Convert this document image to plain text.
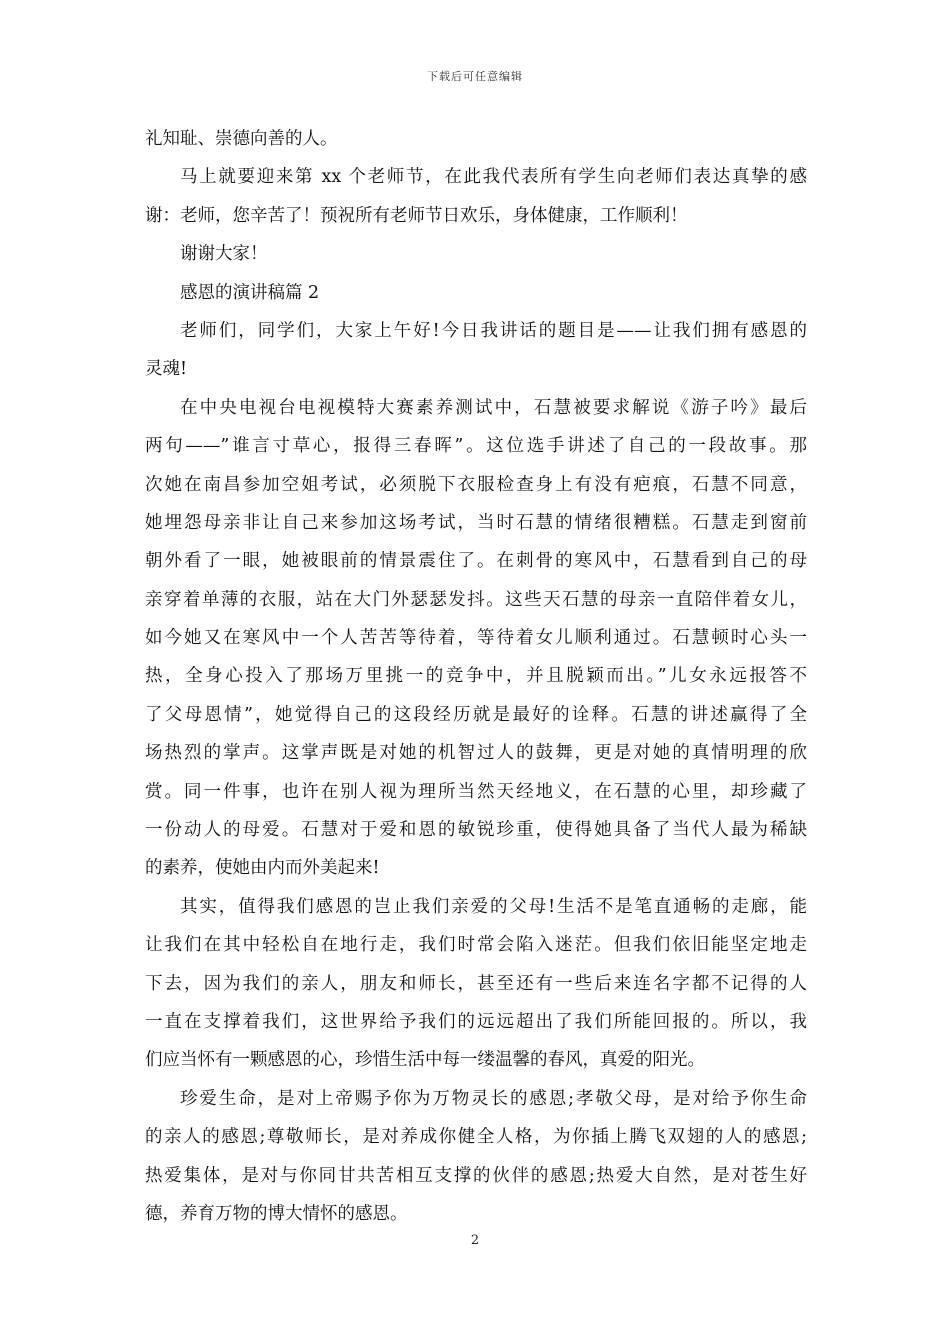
下载后可任意编辑
礼知耻、崇德向善的人。
马上就要迎来第 xx 个老师节，在此我代表所有学生向老师们表达真挚的感
谢：老师，您辛苦了！预祝所有老师节日欢乐，身体健康，工作顺利！
谢谢大家！
感恩的演讲稿篇 2
老师们，同学们，大家上午好!今日我讲话的题目是——让我们拥有感恩的
灵魂!
在中央电视台电视模特大赛素养测试中，石慧被要求解说《游子吟》最后
两句——”谁言寸草心，报得三春晖”。这位选手讲述了自己的一段故事。那
次她在南昌参加空姐考试，必须脱下衣服检查身上有没有疤痕，石慧不同意，
她埋怨母亲非让自己来参加这场考试，当时石慧的情绪很糟糕。石慧走到窗前
朝外看了一眼，她被眼前的情景震住了。在刺骨的寒风中，石慧看到自己的母
亲穿着单薄的衣服，站在大门外瑟瑟发抖。这些天石慧的母亲一直陪伴着女儿，
如今她又在寒风中一个人苦苦等待着，等待着女儿顺利通过。石慧顿时心头一
热，全身心投入了那场万里挑一的竞争中，并且脱颖而出。”儿女永远报答不
了父母恩情”，她觉得自己的这段经历就是最好的诠释。石慧的讲述赢得了全
场热烈的掌声。这掌声既是对她的机智过人的鼓舞，更是对她的真情明理的欣
赏。同一件事，也许在别人视为理所当然天经地义，在石慧的心里，却珍藏了
一份动人的母爱。石慧对于爱和恩的敏锐珍重，使得她具备了当代人最为稀缺
的素养，使她由内而外美起来!
其实，值得我们感恩的岂止我们亲爱的父母!生活不是笔直通畅的走廊，能
让我们在其中轻松自在地行走，我们时常会陷入迷茫。但我们依旧能坚定地走
下去，因为我们的亲人，朋友和师长，甚至还有一些后来连名字都不记得的人
一直在支撑着我们，这世界给予我们的远远超出了我们所能回报的。所以，我
们应当怀有一颗感恩的心，珍惜生活中每一缕温馨的春风，真爱的阳光。
珍爱生命，是对上帝赐予你为万物灵长的感恩;孝敬父母，是对给予你生命
的亲人的感恩;尊敬师长，是对养成你健全人格，为你插上腾飞双翅的人的感恩;
热爱集体，是对与你同甘共苦相互支撑的伙伴的感恩;热爱大自然，是对苍生好
德，养育万物的博大情怀的感恩。
2
